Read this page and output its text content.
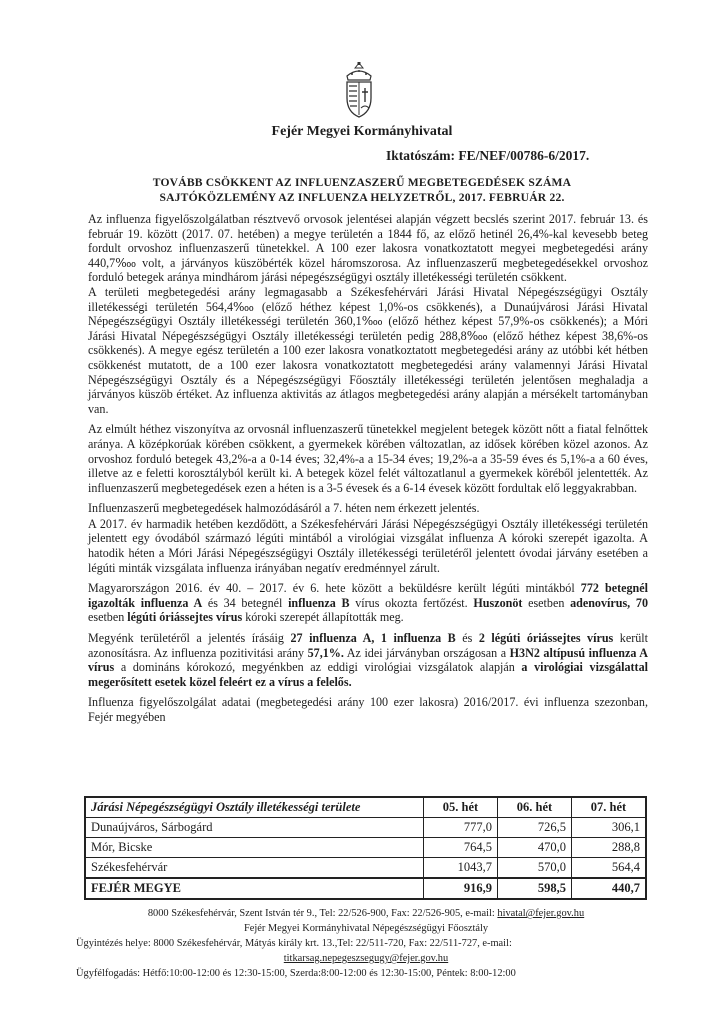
Fejér Megyei Kormányhivatal
Iktatószám: FE/NEF/00786-6/2017.
TOVÁBB CSÖKKENT AZ INFLUENZASZERŰ MEGBETEGEDÉSEK SZÁMA
SAJTÓKÖZLEMÉNY AZ INFLUENZA HELYZETRŐL, 2017. FEBRUÁR 22.

Az influenza figyelőszolgálatban résztvevő orvosok jelentései alapján végzett becslés szerint 2017. február 13. és február 19. között (2017. 07. hetében) a megye területén a 1844 fő, az előző hetinél 26,4%-kal kevesebb beteg fordult orvoshoz influenzaszerű tünetekkel. A 100 ezer lakosra vonatkoztatott megyei megbetegedési arány 440,7‱ volt, a járványos küszöbérték közel háromszorosa. Az influenzaszerű megbetegedésekkel orvoshoz forduló betegek aránya mindhárom járási népegészségügyi osztály illetékességi területén csökkent.

A területi megbetegedési arány legmagasabb a Székesfehérvári Járási Hivatal Népegészségügyi Osztály illetékességi területén 564,4‱ (előző héthez képest 1,0%-os csökkenés), a Dunaújvárosi Járási Hivatal Népegészségügyi Osztály illetékességi területén 360,1‱ (előző héthez képest 57,9%-os csökkenés); a Móri Járási Hivatal Népegészségügyi Osztály illetékességi területén pedig 288,8‱ (előző héthez képest 38,6%-os csökkenés). A megye egész területén a 100 ezer lakosra vonatkoztatott megbetegedési arány az utóbbi két hétben csökkenést mutatott, de a 100 ezer lakosra vonatkoztatott megbetegedési arány valamennyi Járási Hivatal Népegészségügyi Osztály és a Népegészségügyi Főosztály illetékességi területén jelentősen meghaladja a járványos küszöb értéket. Az influenza aktivitás az átlagos megbetegedési arány alapján a mérsékelt tartományban van.

Az elmúlt héthez viszonyítva az orvosnál influenzaszerű tünetekkel megjelent betegek között nőtt a fiatal felnőttek aránya. A középkorúak körében csökkent, a gyermekek körében változatlan, az idősek körében közel azonos. Az orvoshoz forduló betegek 43,2%-a a 0-14 éves; 32,4%-a a 15-34 éves; 19,2%-a a 35-59 éves és 5,1%-a a 60 éves, illetve az e feletti korosztályból került ki. A betegek közel felét változatlanul a gyermekek köréből jelentették. Az influenzaszerű megbetegedések ezen a héten is a 3-5 évesek és a 6-14 évesek között fordultak elő leggyakrabban.

Influenzaszerű megbetegedések halmozódásáról a 7. héten nem érkezett jelentés.

A 2017. év harmadik hetében kezdődött, a Székesfehérvári Járási Népegészségügyi Osztály illetékességi területén jelentett egy óvodából származó légúti mintából a virológiai vizsgálat influenza A kóroki szerepét igazolta. A hatodik héten a Móri Járási Népegészségügyi Osztály illetékességi területéről jelentett óvodai járvány esetében a légúti minták vizsgálata influenza irányában negatív eredménnyel zárult.

Magyarországon 2016. év 40. – 2017. év 6. hete között a beküldésre került légúti mintákból 772 betegnél igazolták influenza A és 34 betegnél influenza B vírus okozta fertőzést. Huszonöt esetben adenovírus, 70 esetben légúti óriássejtes vírus kóroki szerepét állapították meg.

Megyénk területéről a jelentés írásáig 27 influenza A, 1 influenza B és 2 légúti óriássejtes vírus került azonosításra. Az influenza pozitivitási arány 57,1%. Az idei járványban országosan a H3N2 altípusú influenza A vírus a domináns kórokozó, megyénkben az eddigi virológiai vizsgálatok alapján a virológiai vizsgálattal megerősített esetek közel feleért ez a vírus a felelős.

Influenza figyelőszolgálat adatai (megbetegedési arány 100 ezer lakosra) 2016/2017. évi influenza szezonban, Fejér megyében

Járási Népegészségügyi Osztály illetékességi területe	05. hét	06. hét	07. hét
Dunaújváros, Sárbogárd	777,0	726,5	306,1
Mór, Bicske	764,5	470,0	288,8
Székesfehérvár	1043,7	570,0	564,4
FEJÉR MEGYE	916,9	598,5	440,7
8000 Székesfehérvár, Szent István tér 9., Tel: 22/526-900, Fax: 22/526-905, e-mail: hivatal@fejer.gov.hu
Fejér Megyei Kormányhivatal Népegészségügyi Főosztály
Ügyintézés helye: 8000 Székesfehérvár, Mátyás király krt. 13.,Tel: 22/511-720, Fax: 22/511-727, e-mail:
titkarsag.nepegeszsegugy@fejer.gov.hu
Ügyfélfogadás: Hétfő:10:00-12:00 és 12:30-15:00, Szerda:8:00-12:00 és 12:30-15:00, Péntek: 8:00-12:00
